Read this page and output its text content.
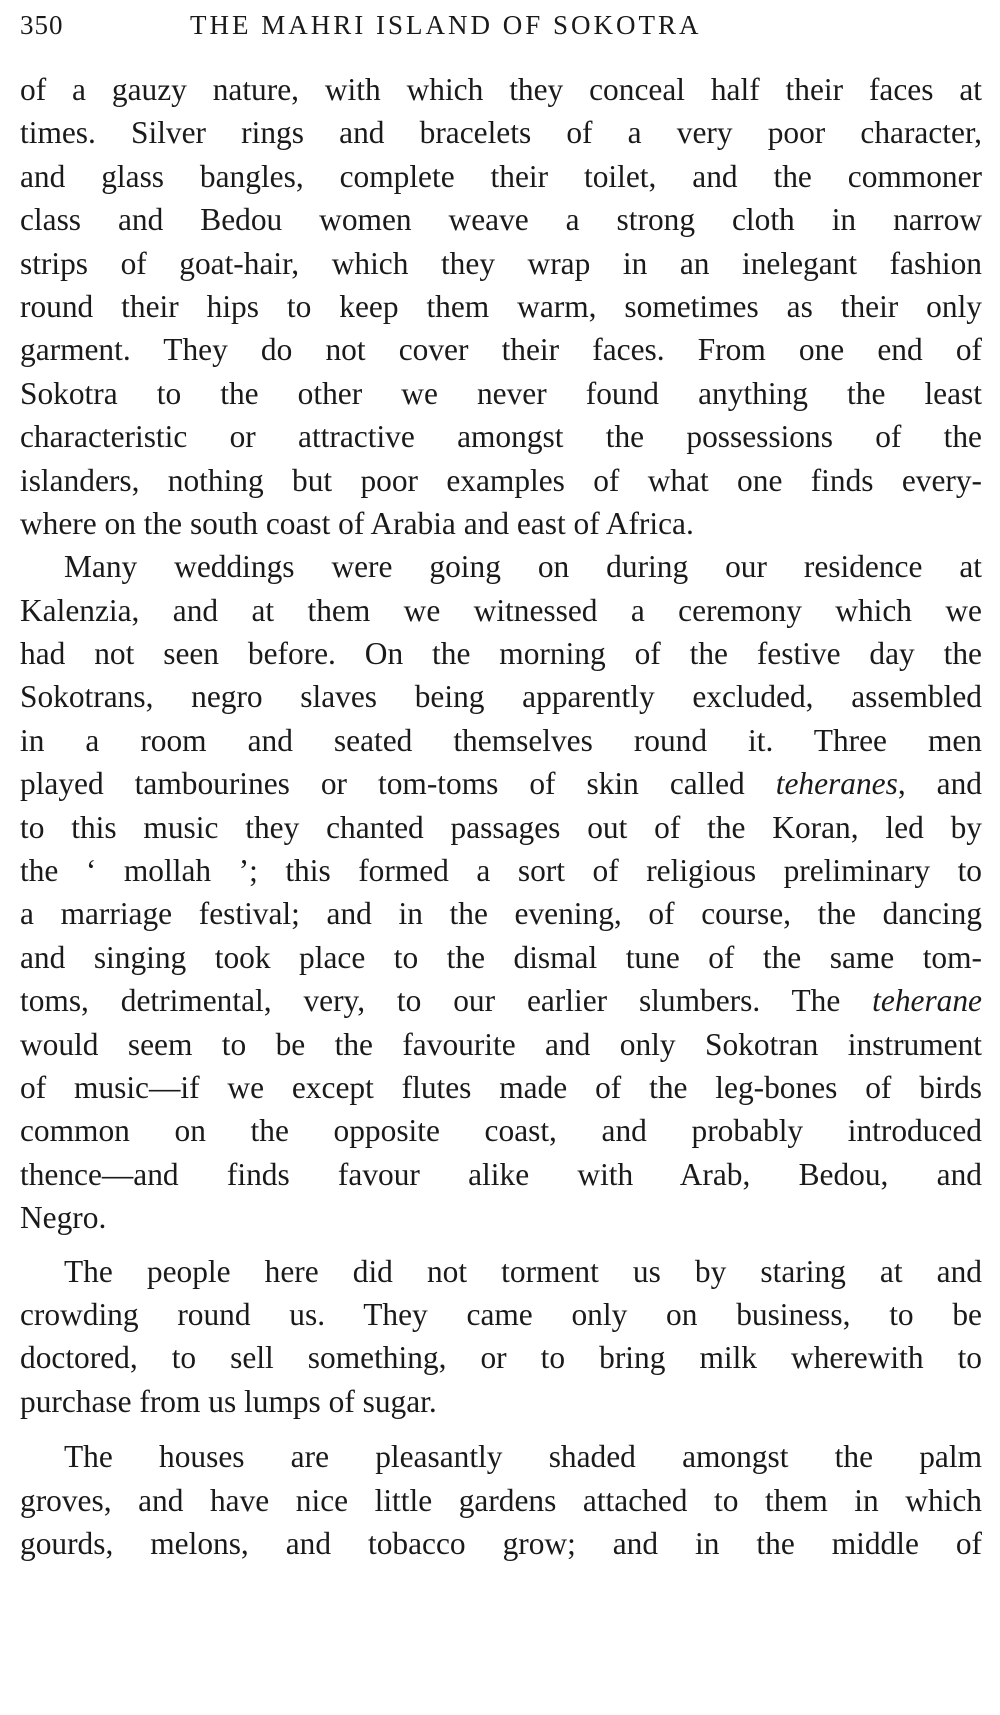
350	THE MAHRI ISLAND OF SOKOTRA
of a gauzy nature, with which they conceal half their faces at
times. Silver rings and bracelets of a very poor character,
and glass bangles, complete their toilet, and the commoner
class and Bedou women weave a strong cloth in narrow
strips of goat-hair, which they wrap in an inelegant fashion
round their hips to keep them warm, sometimes as their only
garment. They do not cover their faces. From one end of
Sokotra to the other we never found anything the least
characteristic or attractive amongst the possessions of the
islanders, nothing but poor examples of what one finds every-
where on the south coast of Arabia and east of Africa.
Many weddings were going on during our residence at
Kalenzia, and at them we witnessed a ceremony which we
had not seen before. On the morning of the festive day the
Sokotrans, negro slaves being apparently excluded, assembled
in a room and seated themselves round it. Three men
played tambourines or tom-toms of skin called teheranes, and
to this music they chanted passages out of the Koran, led by
the ‘ mollah ’; this formed a sort of religious preliminary to
a marriage festival; and in the evening, of course, the dancing
and singing took place to the dismal tune of the same tom-
toms, detrimental, very, to our earlier slumbers. The teherane
would seem to be the favourite and only Sokotran instrument
of music—if we except flutes made of the leg-bones of birds
common on the opposite coast, and probably introduced
thence—and finds favour alike with Arab, Bedou, and
Negro.
The people here did not torment us by staring at and
crowding round us. They came only on business, to be
doctored, to sell something, or to bring milk wherewith to
purchase from us lumps of sugar.
The houses are pleasantly shaded amongst the palm
groves, and have nice little gardens attached to them in which
gourds, melons, and tobacco grow; and in the middle of
